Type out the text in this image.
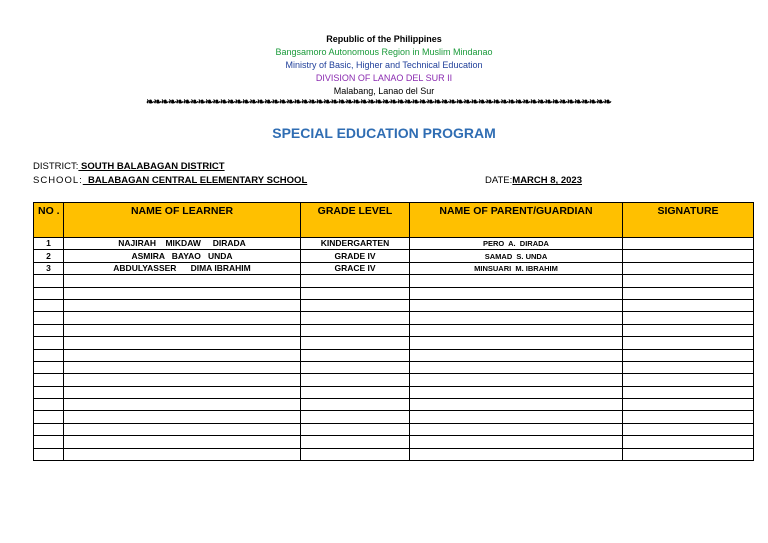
Republic of the Philippines
Bangsamoro Autonomous Region in Muslim Mindanao
Ministry of Basic, Higher and Technical Education
DIVISION OF LANAO DEL SUR II
Malabang, Lanao del Sur
❧❧❧❧❧❧❧❧❧❧❧❧❧❧❧❧❧❧❧❧❧❧❧❧❧❧❧❧❧❧❧❧❧❧❧❧❧❧❧❧❧❧❧❧❧❧❧❧❧❧❧❧❧❧❧❧❧❧❧❧❧❧❧
SPECIAL EDUCATION PROGRAM
DISTRICT: SOUTH BALABAGAN DISTRICT
SCHOOL:  BALABAGAN CENTRAL ELEMENTARY SCHOOL	DATE:MARCH 8, 2023
NO .	NAME OF LEARNER	GRADE LEVEL	NAME OF PARENT/GUARDIAN	SIGNATURE
1	NAJIRAH    MIKDAW     DIRADA	KINDERGARTEN	PERO  A.  DIRADA	
2	ASMIRA   BAYAO   UNDA	GRADE IV	SAMAD  S. UNDA	
3	ABDULYASSER      DIMA IBRAHIM	GRACE IV	MINSUARI  M. IBRAHIM	
